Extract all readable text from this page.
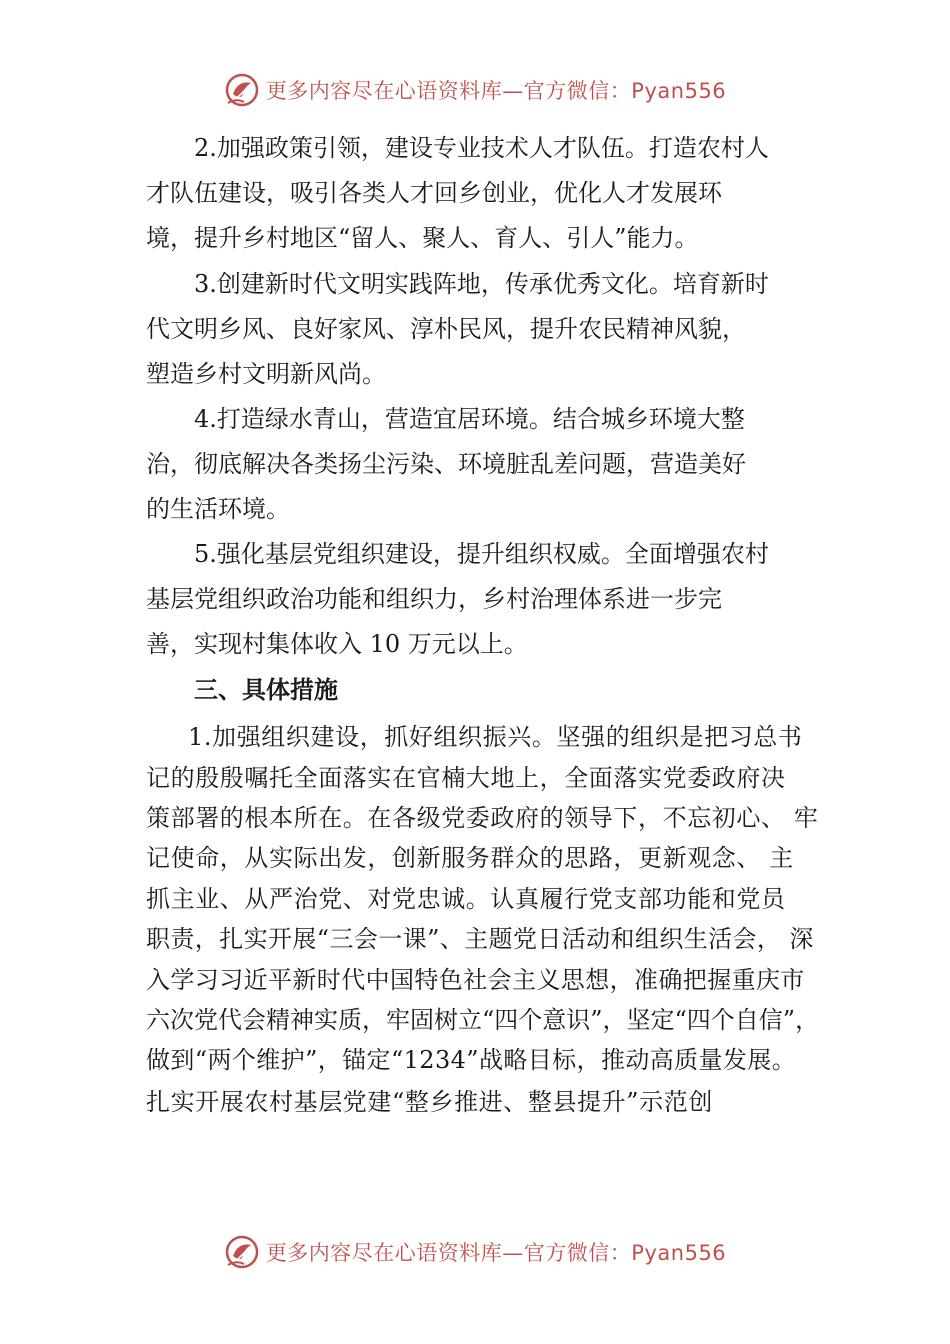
更多内容尽在心语资料库—官方微信：Pyan556
2.加强政策引领，建设专业技术人才队伍。打造农村人
才队伍建设，吸引各类人才回乡创业，优化人才发展环
境，提升乡村地区“留人、聚人、育人、引人”能力。
3.创建新时代文明实践阵地，传承优秀文化。培育新时
代文明乡风、良好家风、淳朴民风，提升农民精神风貌，
塑造乡村文明新风尚。
4.打造绿水青山，营造宜居环境。结合城乡环境大整
治，彻底解决各类扬尘污染、环境脏乱差问题，营造美好
的生活环境。
5.强化基层党组织建设，提升组织权威。全面增强农村
基层党组织政治功能和组织力，乡村治理体系进一步完
善，实现村集体收入 10 万元以上。
三、具体措施
1.加强组织建设，抓好组织振兴。坚强的组织是把习总书
记的殷殷嘱托全面落实在官楠大地上，全面落实党委政府决
策部署的根本所在。在各级党委政府的领导下，不忘初心、 牢
记使命，从实际出发，创新服务群众的思路，更新观念、 主
抓主业、从严治党、对党忠诚。认真履行党支部功能和党员
职责，扎实开展“三会一课”、主题党日活动和组织生活会， 深
入学习习近平新时代中国特色社会主义思想，准确把握重庆市
六次党代会精神实质，牢固树立“四个意识”，坚定“四个自信”，
做到“两个维护”，锚定“1234”战略目标，推动高质量发展。
扎实开展农村基层党建“整乡推进、整县提升”示范创
更多内容尽在心语资料库—官方微信：Pyan556
